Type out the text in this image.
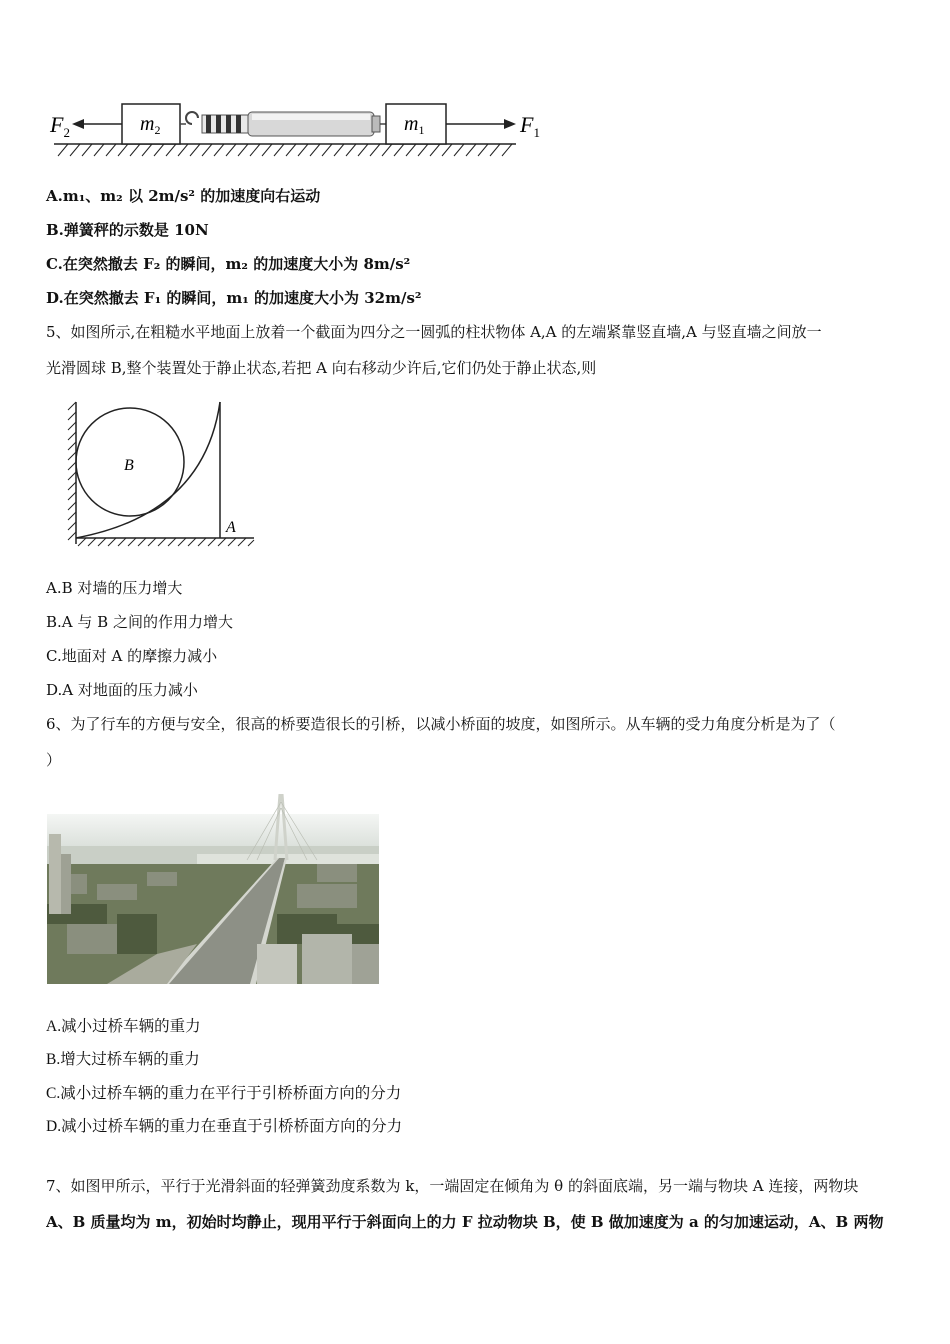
$F_2$	$m_2$	$m_1$	$F_1$
A.m₁、m₂ 以 2m/s² 的加速度向右运动
B.弹簧秤的示数是 10N
C.在突然撤去 F₂ 的瞬间，m₂ 的加速度大小为 8m/s²
D.在突然撤去 F₁ 的瞬间，m₁ 的加速度大小为 32m/s²
5、如图所示,在粗糙水平地面上放着一个截面为四分之一圆弧的柱状物体 A,A 的左端紧靠竖直墙,A 与竖直墙之间放一
光滑圆球 B,整个装置处于静止状态,若把 A 向右移动少许后,它们仍处于静止状态,则
B
A
A.B 对墙的压力增大
B.A 与 B 之间的作用力增大
C.地面对 A 的摩擦力减小
D.A 对地面的压力减小
6、为了行车的方便与安全，很高的桥要造很长的引桥，以减小桥面的坡度，如图所示。从车辆的受力角度分析是为了（
）
A.减小过桥车辆的重力
B.增大过桥车辆的重力
C.减小过桥车辆的重力在平行于引桥桥面方向的分力
D.减小过桥车辆的重力在垂直于引桥桥面方向的分力
7、如图甲所示，平行于光滑斜面的轻弹簧劲度系数为 k，一端固定在倾角为 θ 的斜面底端，另一端与物块 A 连接，两物块
A、B 质量均为 m，初始时均静止，现用平行于斜面向上的力 F 拉动物块 B，使 B 做加速度为 a 的匀加速运动，A、B 两物
